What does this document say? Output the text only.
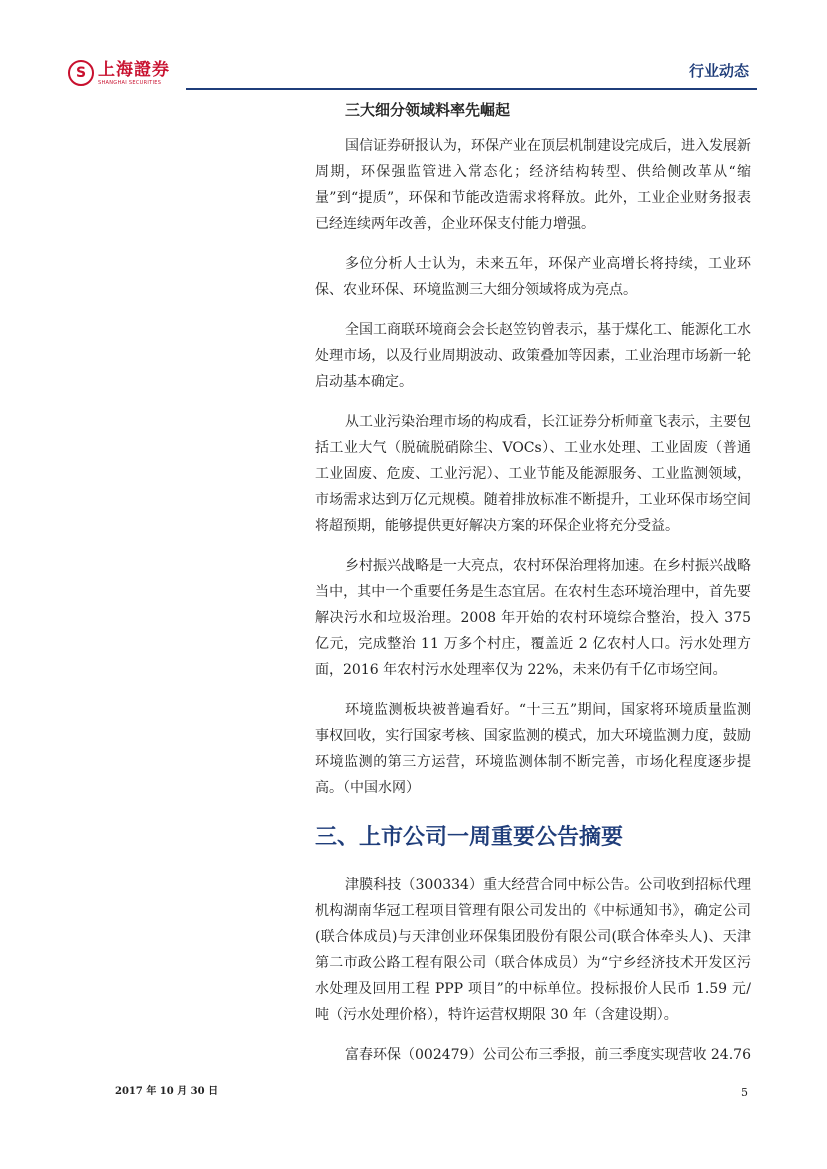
S 上海證券
SHANGHAI SECURITIES
行业动态

三大细分领域料率先崛起

国信证券研报认为，环保产业在顶层机制建设完成后，进入发展新周期，环保强监管进入常态化；经济结构转型、供给侧改革从“缩量”到“提质”，环保和节能改造需求将释放。此外，工业企业财务报表已经连续两年改善，企业环保支付能力增强。

多位分析人士认为，未来五年，环保产业高增长将持续，工业环保、农业环保、环境监测三大细分领域将成为亮点。

全国工商联环境商会会长赵笠钧曾表示，基于煤化工、能源化工水处理市场，以及行业周期波动、政策叠加等因素，工业治理市场新一轮启动基本确定。

从工业污染治理市场的构成看，长江证券分析师童飞表示，主要包括工业大气（脱硫脱硝除尘、VOCs）、工业水处理、工业固废（普通工业固废、危废、工业污泥）、工业节能及能源服务、工业监测领域，市场需求达到万亿元规模。随着排放标准不断提升，工业环保市场空间将超预期，能够提供更好解决方案的环保企业将充分受益。

乡村振兴战略是一大亮点，农村环保治理将加速。在乡村振兴战略当中，其中一个重要任务是生态宜居。在农村生态环境治理中，首先要解决污水和垃圾治理。2008 年开始的农村环境综合整治，投入 375 亿元，完成整治 11 万多个村庄，覆盖近 2 亿农村人口。污水处理方面，2016 年农村污水处理率仅为 22%，未来仍有千亿市场空间。

环境监测板块被普遍看好。“十三五”期间，国家将环境质量监测事权回收，实行国家考核、国家监测的模式，加大环境监测力度，鼓励环境监测的第三方运营，环境监测体制不断完善，市场化程度逐步提高。（中国水网）

三、上市公司一周重要公告摘要

津膜科技（300334）重大经营合同中标公告。公司收到招标代理机构湖南华冠工程项目管理有限公司发出的《中标通知书》，确定公司(联合体成员)与天津创业环保集团股份有限公司(联合体牵头人)、天津第二市政公路工程有限公司（联合体成员）为“宁乡经济技术开发区污水处理及回用工程 PPP 项目”的中标单位。投标报价人民币 1.59 元/吨（污水处理价格），特许运营权期限 30 年（含建设期）。

富春环保（002479）公司公布三季报，前三季度实现营收 24.76

2017 年 10 月 30 日	5
